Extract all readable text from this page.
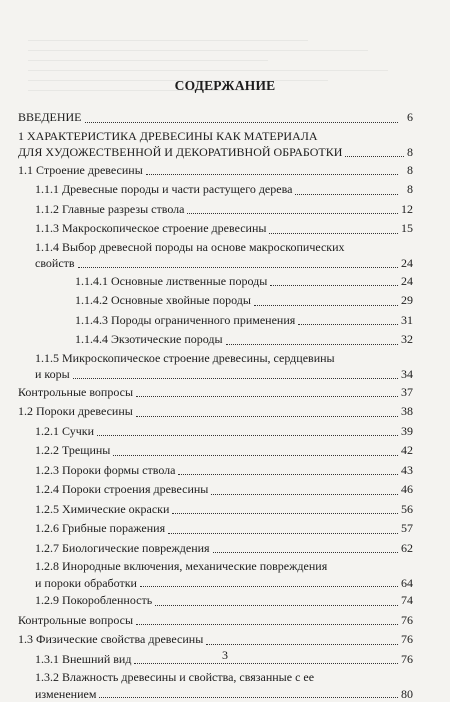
СОДЕРЖАНИЕ
ВВЕДЕНИЕ	6
1 ХАРАКТЕРИСТИКА ДРЕВЕСИНЫ КАК МАТЕРИАЛА
ДЛЯ ХУДОЖЕСТВЕННОЙ И ДЕКОРАТИВНОЙ ОБРАБОТКИ	8
1.1 Строение древесины	8
1.1.1 Древесные породы и части растущего дерева	8
1.1.2 Главные разрезы ствола	12
1.1.3 Макроскопическое строение древесины	15
1.1.4 Выбор древесной породы на основе макроскопических
свойств	24
1.1.4.1 Основные лиственные породы	24
1.1.4.2 Основные хвойные породы	29
1.1.4.3 Породы ограниченного применения	31
1.1.4.4 Экзотические породы	32
1.1.5 Микроскопическое строение древесины, сердцевины
и коры	34
Контрольные вопросы	37
1.2 Пороки древесины	38
1.2.1 Сучки	39
1.2.2 Трещины	42
1.2.3 Пороки формы ствола	43
1.2.4 Пороки строения древесины	46
1.2.5 Химические окраски	56
1.2.6 Грибные поражения	57
1.2.7 Биологические повреждения	62
1.2.8 Инородные включения, механические повреждения
и пороки обработки	64
1.2.9 Покоробленность	74
Контрольные вопросы	76
1.3 Физические свойства древесины	76
1.3.1 Внешний вид	76
1.3.2 Влажность древесины и свойства, связанные с ее
изменением	80
3
